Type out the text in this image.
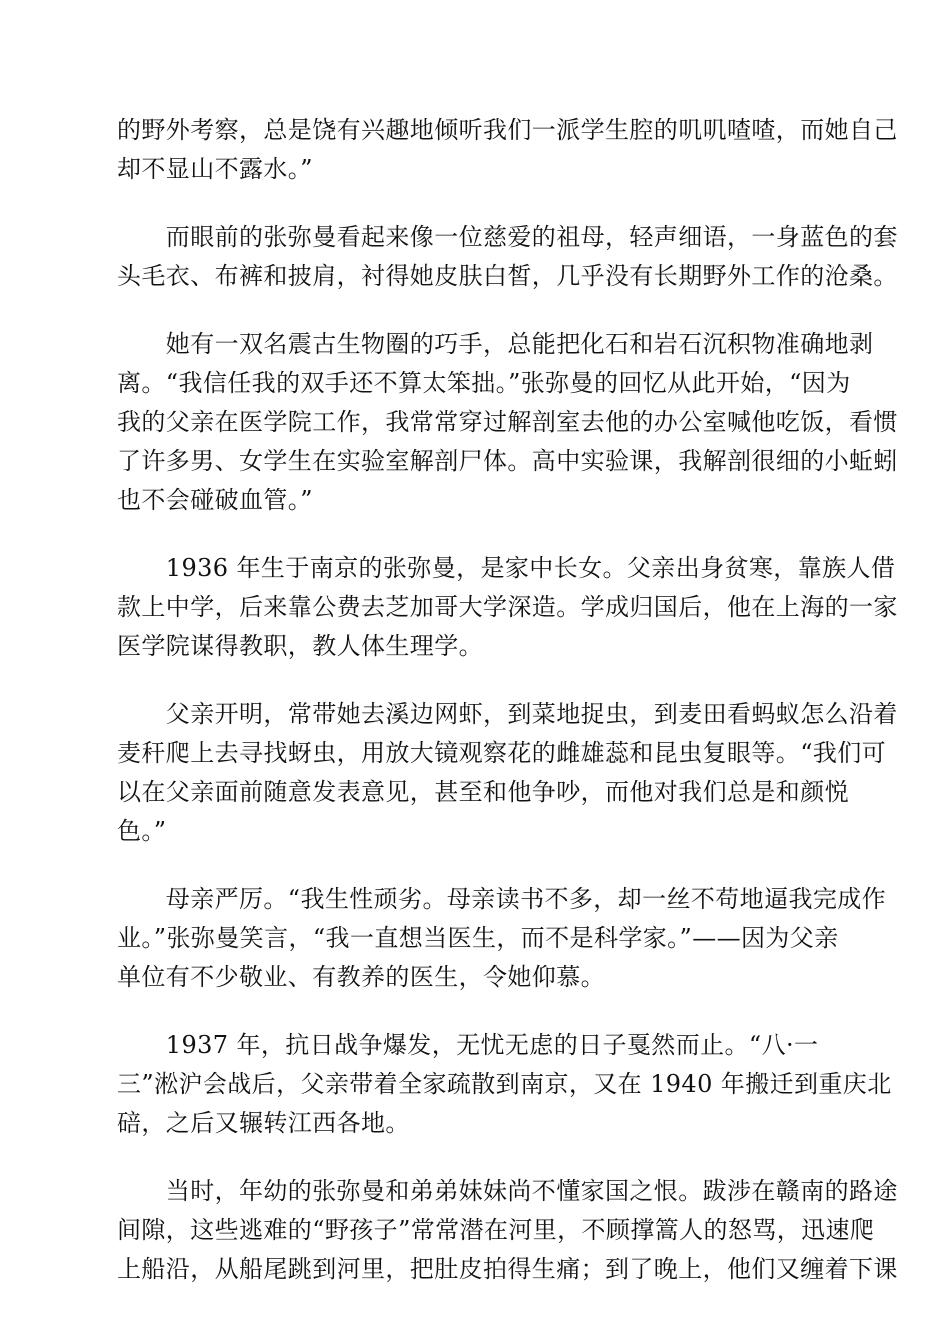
的野外考察，总是饶有兴趣地倾听我们一派学生腔的叽叽喳喳，而她自己
却不显山不露水。”
　　而眼前的张弥曼看起来像一位慈爱的祖母，轻声细语，一身蓝色的套
头毛衣、布裤和披肩，衬得她皮肤白皙，几乎没有长期野外工作的沧桑。
　　她有一双名震古生物圈的巧手，总能把化石和岩石沉积物准确地剥
离。“我信任我的双手还不算太笨拙。”张弥曼的回忆从此开始，“因为
我的父亲在医学院工作，我常常穿过解剖室去他的办公室喊他吃饭，看惯
了许多男、女学生在实验室解剖尸体。高中实验课，我解剖很细的小蚯蚓
也不会碰破血管。”
　　1936 年生于南京的张弥曼，是家中长女。父亲出身贫寒，靠族人借
款上中学，后来靠公费去芝加哥大学深造。学成归国后，他在上海的一家
医学院谋得教职，教人体生理学。
　　父亲开明，常带她去溪边网虾，到菜地捉虫，到麦田看蚂蚁怎么沿着
麦秆爬上去寻找蚜虫，用放大镜观察花的雌雄蕊和昆虫复眼等。“我们可
以在父亲面前随意发表意见，甚至和他争吵，而他对我们总是和颜悦
色。”
　　母亲严厉。“我生性顽劣。母亲读书不多，却一丝不苟地逼我完成作
业。”张弥曼笑言，“我一直想当医生，而不是科学家。”——因为父亲
单位有不少敬业、有教养的医生，令她仰慕。
　　1937 年，抗日战争爆发，无忧无虑的日子戛然而止。“八·一
三”淞沪会战后，父亲带着全家疏散到南京，又在 1940 年搬迁到重庆北
碚，之后又辗转江西各地。
　　当时，年幼的张弥曼和弟弟妹妹尚不懂家国之恨。跋涉在赣南的路途
间隙，这些逃难的“野孩子”常常潜在河里，不顾撑篙人的怒骂，迅速爬
上船沿，从船尾跳到河里，把肚皮拍得生痛；到了晚上，他们又缠着下课
